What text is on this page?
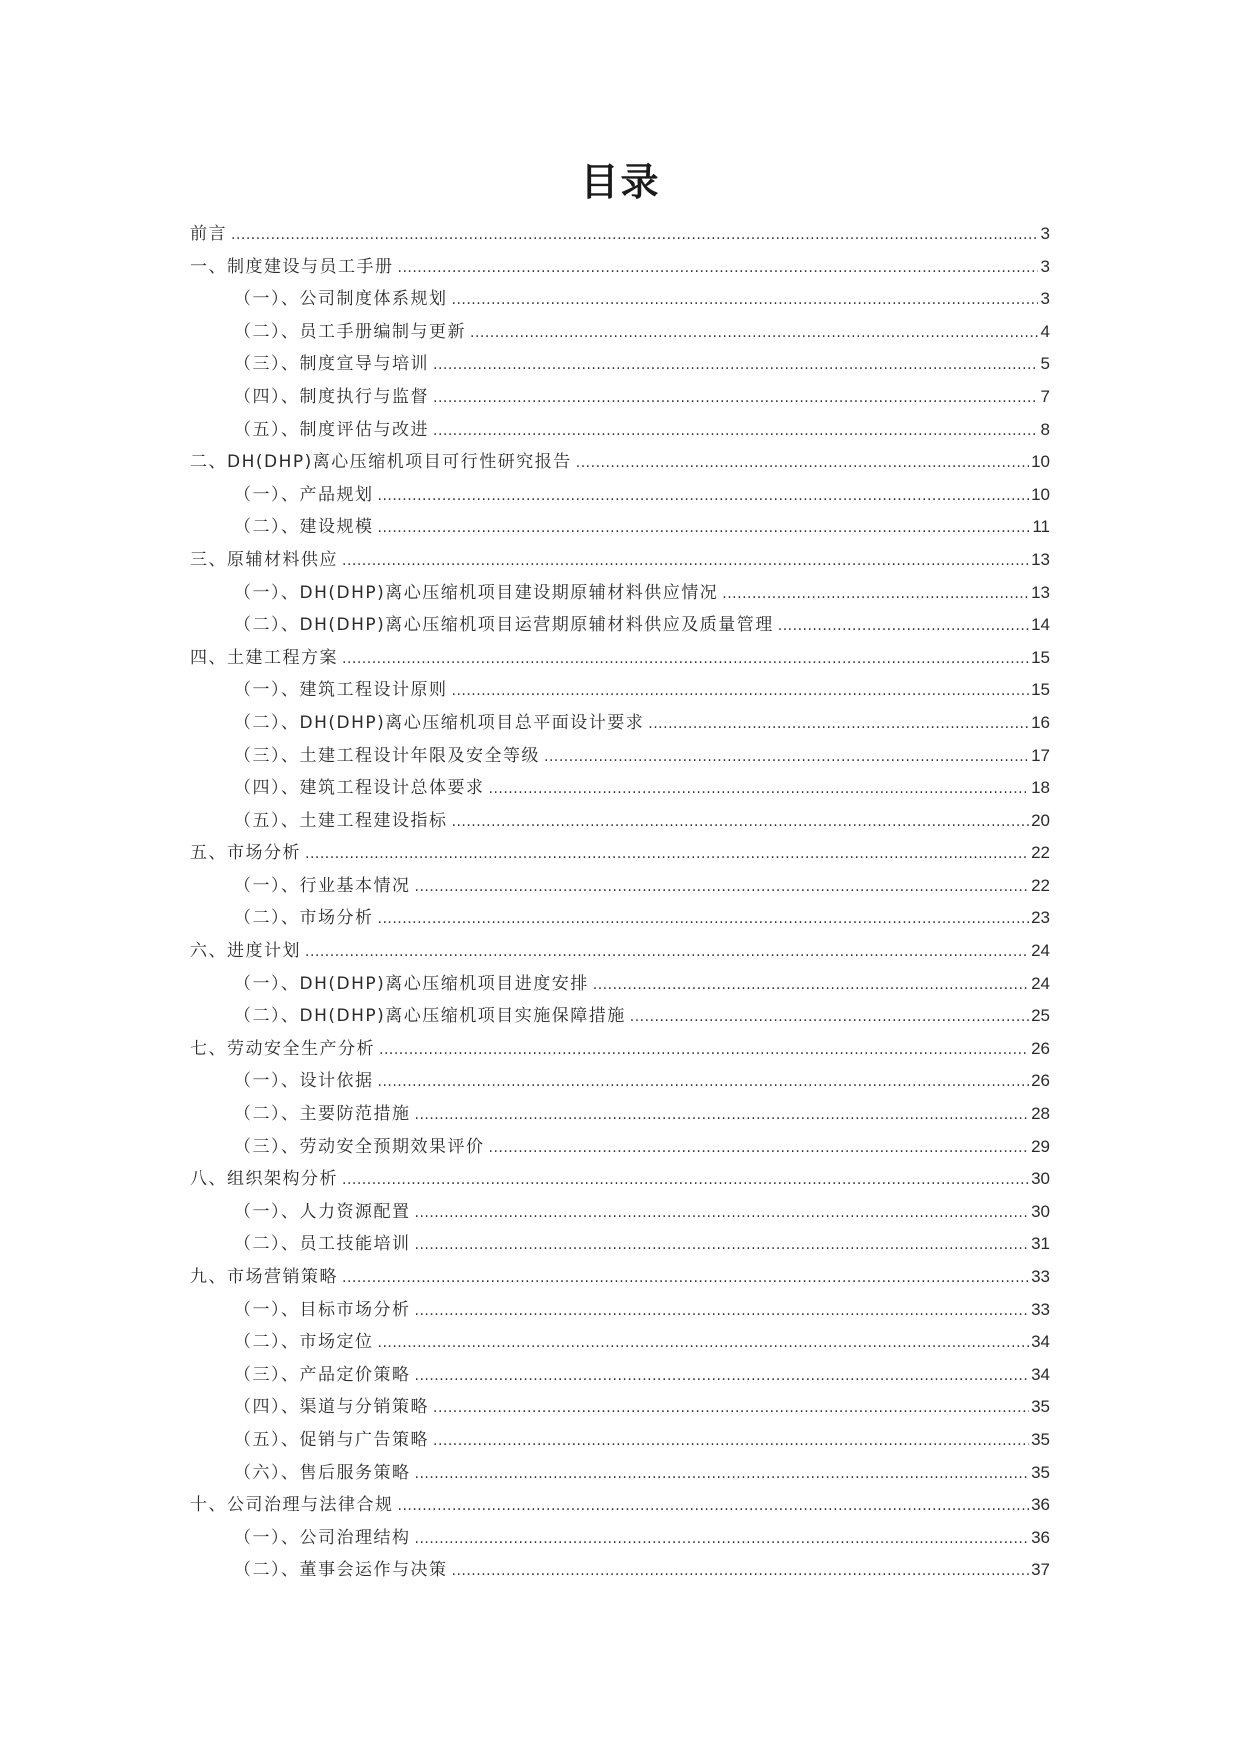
目录
前言 .....	3
一、制度建设与员工手册 .....	3
（一）、公司制度体系规划 .....	3
（二）、员工手册编制与更新 .....	4
（三）、制度宣导与培训 .....	5
（四）、制度执行与监督 .....	7
（五）、制度评估与改进 .....	8
二、DH(DHP)离心压缩机项目可行性研究报告 .....	10
（一）、产品规划 .....	10
（二）、建设规模 .....	11
三、原辅材料供应 .....	13
（一）、DH(DHP)离心压缩机项目建设期原辅材料供应情况 .....	13
（二）、DH(DHP)离心压缩机项目运营期原辅材料供应及质量管理 .....	14
四、土建工程方案 .....	15
（一）、建筑工程设计原则 .....	15
（二）、DH(DHP)离心压缩机项目总平面设计要求 .....	16
（三）、土建工程设计年限及安全等级 .....	17
（四）、建筑工程设计总体要求 .....	18
（五）、土建工程建设指标 .....	20
五、市场分析 .....	22
（一）、行业基本情况 .....	22
（二）、市场分析 .....	23
六、进度计划 .....	24
（一）、DH(DHP)离心压缩机项目进度安排 .....	24
（二）、DH(DHP)离心压缩机项目实施保障措施 .....	25
七、劳动安全生产分析 .....	26
（一）、设计依据 .....	26
（二）、主要防范措施 .....	28
（三）、劳动安全预期效果评价 .....	29
八、组织架构分析 .....	30
（一）、人力资源配置 .....	30
（二）、员工技能培训 .....	31
九、市场营销策略 .....	33
（一）、目标市场分析 .....	33
（二）、市场定位 .....	34
（三）、产品定价策略 .....	34
（四）、渠道与分销策略 .....	35
（五）、促销与广告策略 .....	35
（六）、售后服务策略 .....	35
十、公司治理与法律合规 .....	36
（一）、公司治理结构 .....	36
（二）、董事会运作与决策 .....	37
